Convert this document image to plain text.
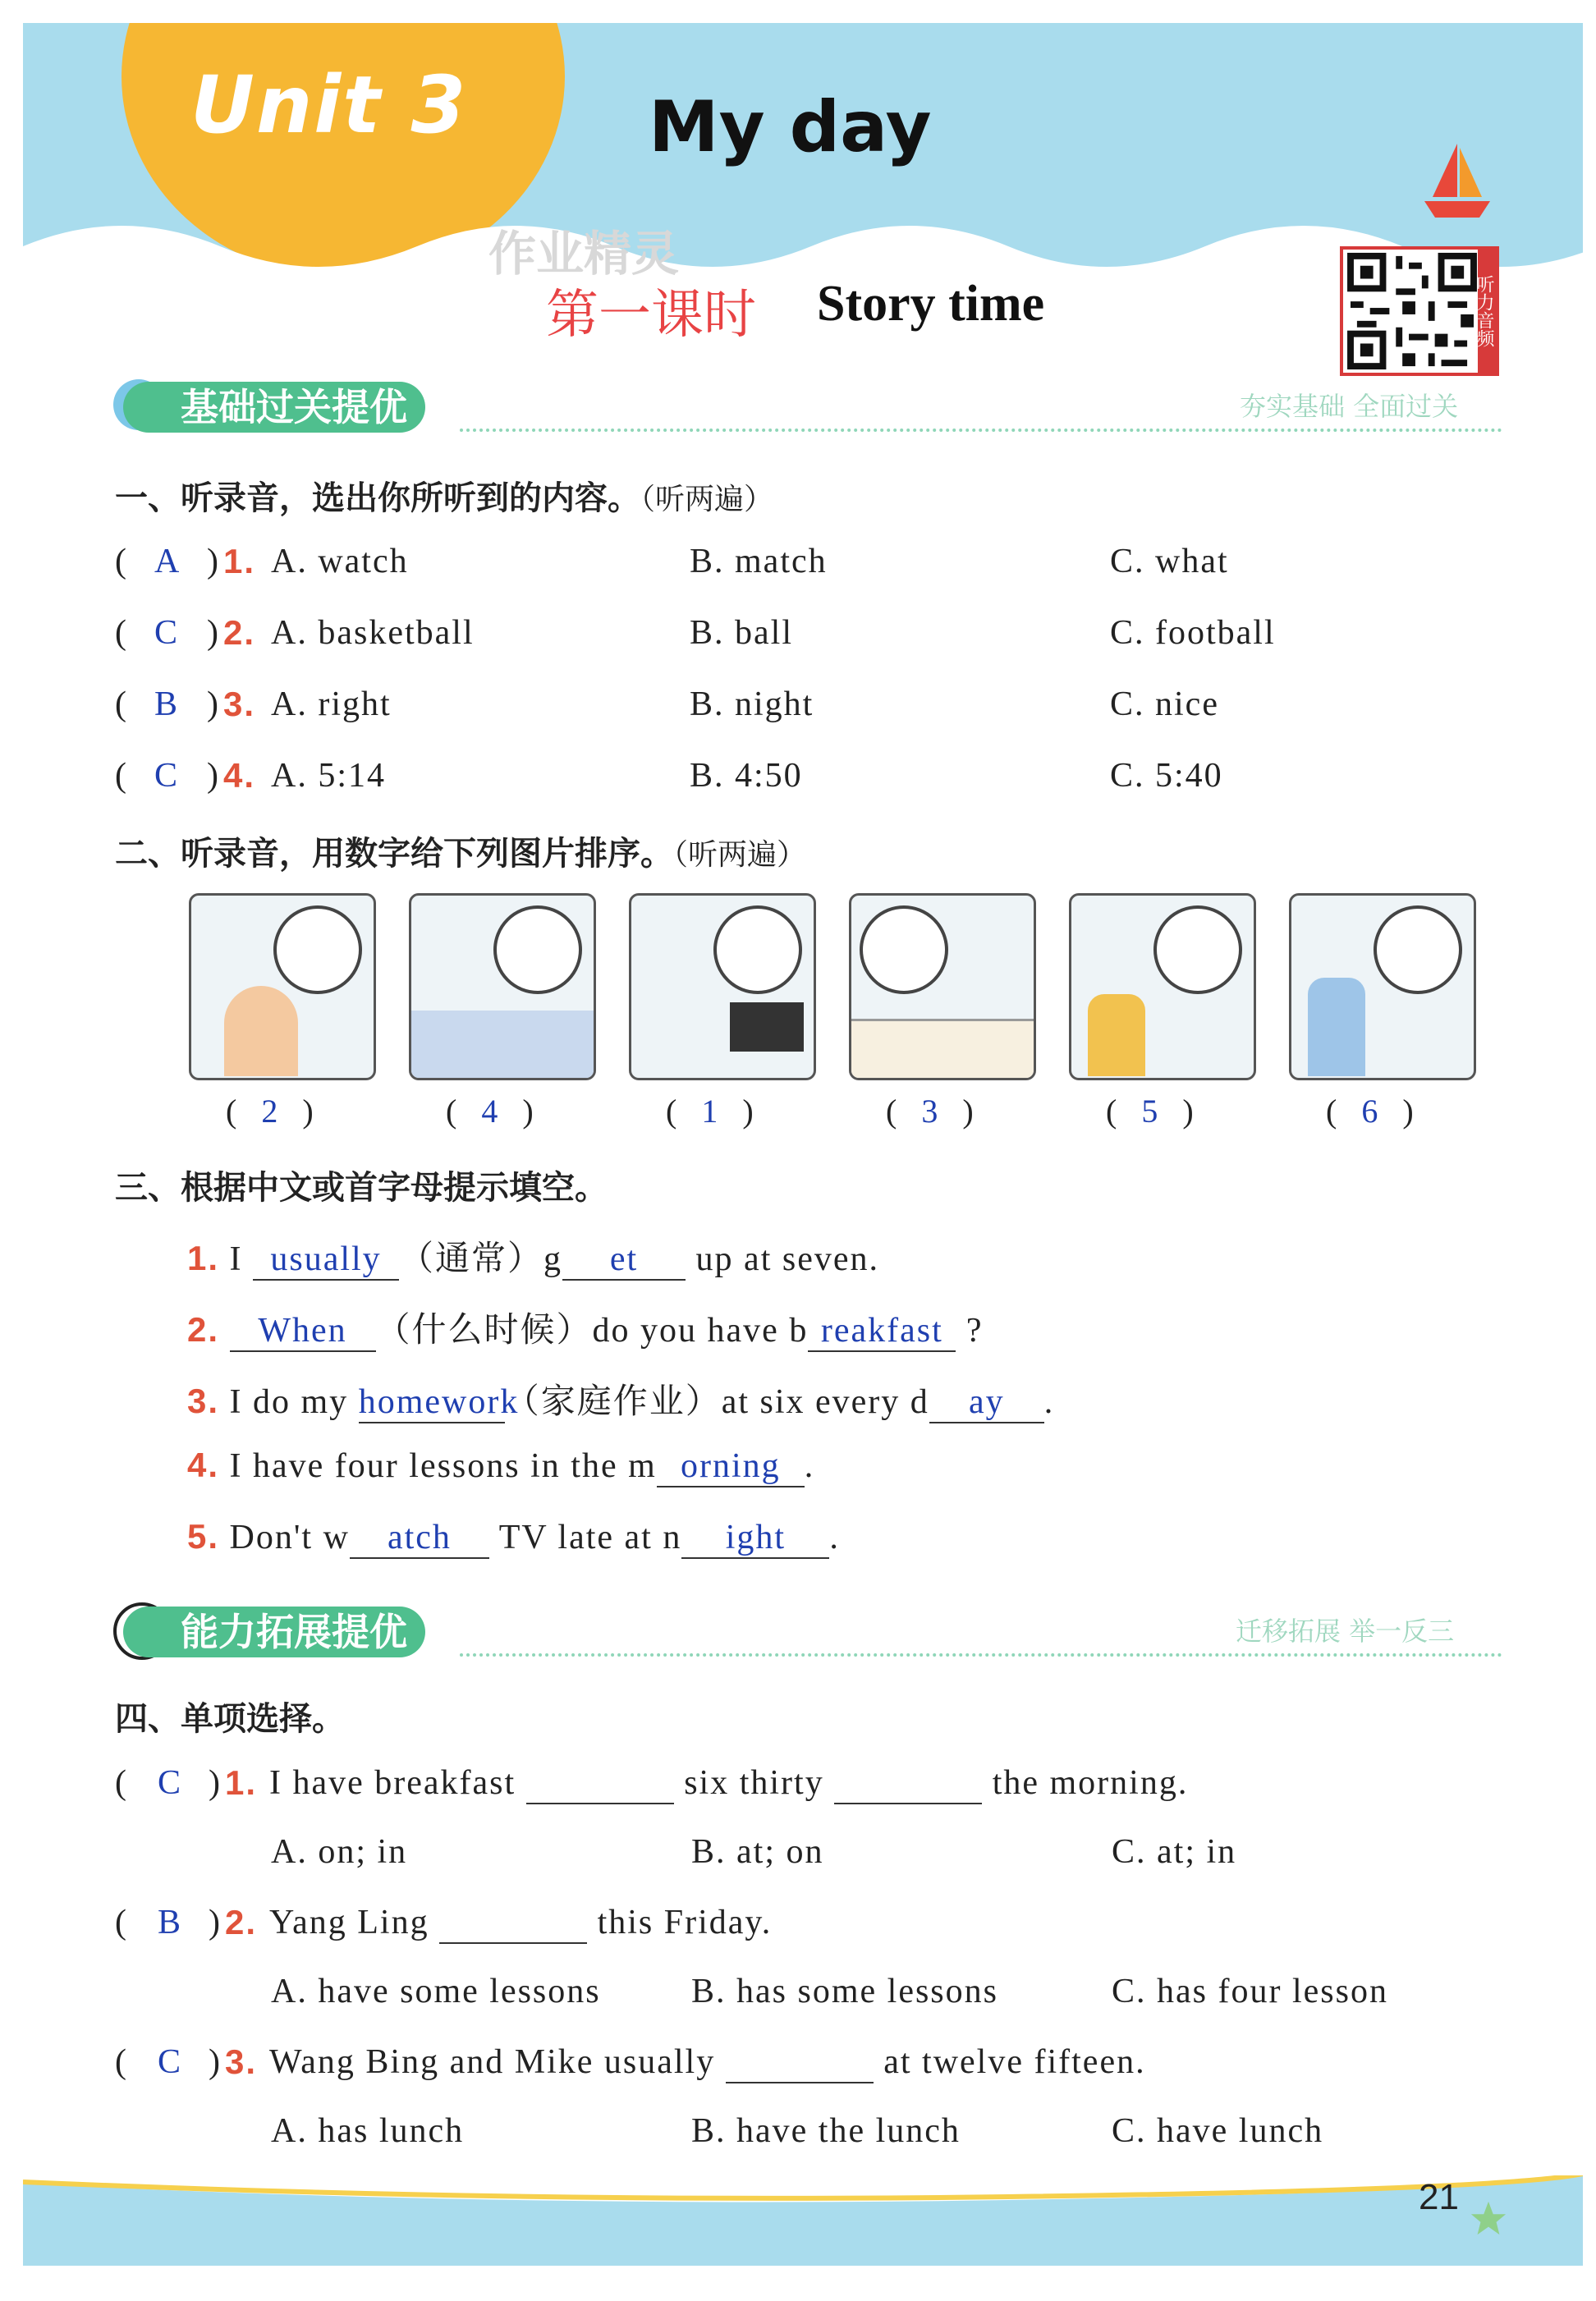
Unit 3	My day
作业精灵
第一课时 Story time	听力音频
基础过关提优	夯实基础 全面过关
一、听录音，选出你所听到的内容。（听两遍）
( A ) 1. A. watch	B. match	C. what
( C ) 2. A. basketball	B. ball	C. football
( B ) 3. A. right	B. night	C. nice
( C ) 4. A. 5:14	B. 4:50	C. 5:40
二、听录音，用数字给下列图片排序。（听两遍）
(   2   )	(   4   )	(   1   )	(   3   )	(   5   )	(   6   )
三、根据中文或首字母提示填空。
1. I usually （通常）g et up at seven.
2. When （什么时候）do you have b reakfast ?
3. I do my homework（家庭作业）at six every d ay .
4. I have four lessons in the m orning .
5. Don't w atch TV late at n ight .
能力拓展提优	迁移拓展 举一反三
四、单项选择。
( C ) 1. I have breakfast	six thirty	the morning.
A. on; in	B. at; on	C. at; in
( B ) 2. Yang Ling	this Friday.
A. have some lessons	B. has some lessons	C. has four lesson
( C ) 3. Wang Bing and Mike usually	at twelve fifteen.
A. has lunch	B. have the lunch	C. have lunch
21
